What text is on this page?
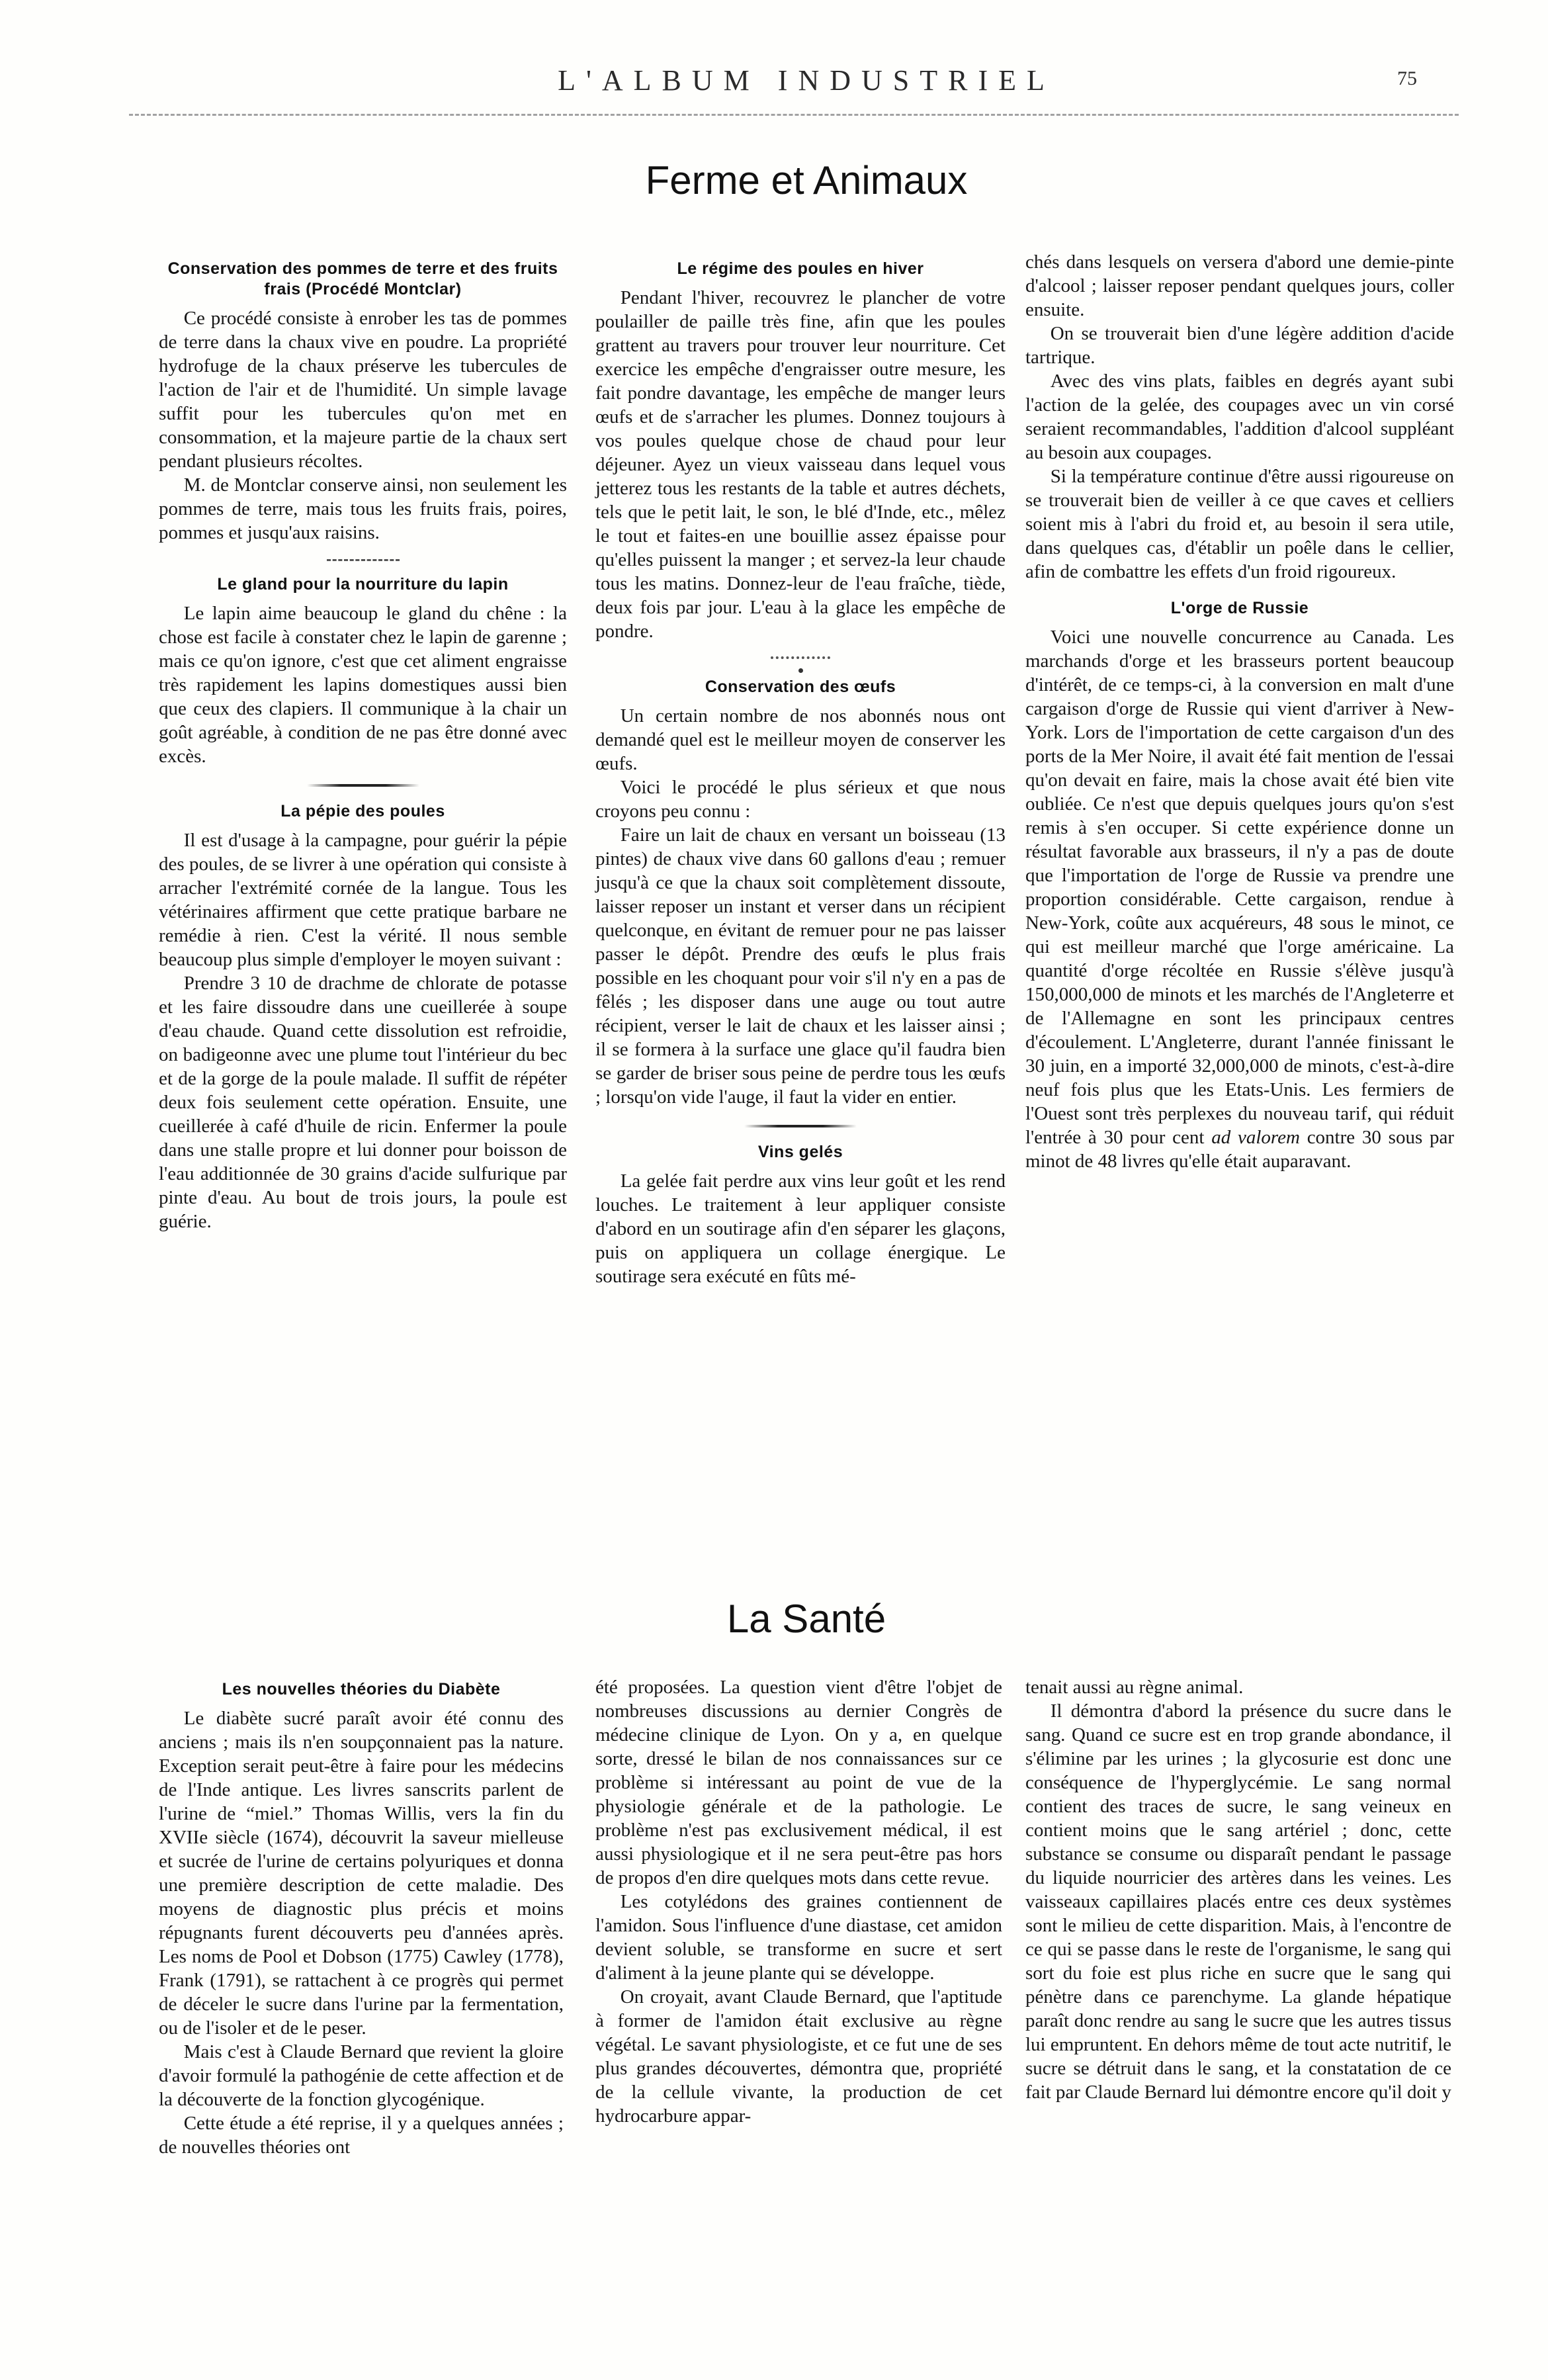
L'ALBUM INDUSTRIEL	75
Ferme et Animaux
Conservation des pommes de terre et des fruits frais (Procédé Montclar)

Ce procédé consiste à enrober les tas de pommes de terre dans la chaux vive en poudre. La propriété hydrofuge de la chaux préserve les tubercules de l'action de l'air et de l'humidité. Un simple lavage suffit pour les tubercules qu'on met en consommation, et la majeure partie de la chaux sert pendant plusieurs récoltes.

M. de Montclar conserve ainsi, non seulement les pommes de terre, mais tous les fruits frais, poires, pommes et jusqu'aux raisins.

Le gland pour la nourriture du lapin

Le lapin aime beaucoup le gland du chêne : la chose est facile à constater chez le lapin de garenne ; mais ce qu'on ignore, c'est que cet aliment engraisse très rapidement les lapins domestiques aussi bien que ceux des clapiers. Il communique à la chair un goût agréable, à condition de ne pas être donné avec excès.

La pépie des poules

Il est d'usage à la campagne, pour guérir la pépie des poules, de se livrer à une opération qui consiste à arracher l'extrémité cornée de la langue. Tous les vétérinaires affirment que cette pratique barbare ne remédie à rien. C'est la vérité. Il nous semble beaucoup plus simple d'employer le moyen suivant :

Prendre 3 10 de drachme de chlorate de potasse et les faire dissoudre dans une cueillerée à soupe d'eau chaude. Quand cette dissolution est refroidie, on badigeonne avec une plume tout l'intérieur du bec et de la gorge de la poule malade. Il suffit de répéter deux fois seulement cette opération. Ensuite, une cueillerée à café d'huile de ricin. Enfermer la poule dans une stalle propre et lui donner pour boisson de l'eau additionnée de 30 grains d'acide sulfurique par pinte d'eau. Au bout de trois jours, la poule est guérie.

Le régime des poules en hiver

Pendant l'hiver, recouvrez le plancher de votre poulailler de paille très fine, afin que les poules grattent au travers pour trouver leur nourriture. Cet exercice les empêche d'engraisser outre mesure, les fait pondre davantage, les empêche de manger leurs œufs et de s'arracher les plumes. Donnez toujours à vos poules quelque chose de chaud pour leur déjeuner. Ayez un vieux vaisseau dans lequel vous jetterez tous les restants de la table et autres déchets, tels que le petit lait, le son, le blé d'Inde, etc., mêlez le tout et faites-en une bouillie assez épaisse pour qu'elles puissent la manger ; et servez-la leur chaude tous les matins. Donnez-leur de l'eau fraîche, tiède, deux fois par jour. L'eau à la glace les empêche de pondre.

Conservation des œufs

Un certain nombre de nos abonnés nous ont demandé quel est le meilleur moyen de conserver les œufs.

Voici le procédé le plus sérieux et que nous croyons peu connu :

Faire un lait de chaux en versant un boisseau (13 pintes) de chaux vive dans 60 gallons d'eau ; remuer jusqu'à ce que la chaux soit complètement dissoute, laisser reposer un instant et verser dans un récipient quelconque, en évitant de remuer pour ne pas laisser passer le dépôt. Prendre des œufs le plus frais possible en les choquant pour voir s'il n'y en a pas de fêlés ; les disposer dans une auge ou tout autre récipient, verser le lait de chaux et les laisser ainsi ; il se formera à la surface une glace qu'il faudra bien se garder de briser sous peine de perdre tous les œufs ; lorsqu'on vide l'auge, il faut la vider en entier.

Vins gelés

La gelée fait perdre aux vins leur goût et les rend louches. Le traitement à leur appliquer consiste d'abord en un soutirage afin d'en séparer les glaçons, puis on appliquera un collage énergique. Le soutirage sera exécuté en fûts mé-

chés dans lesquels on versera d'abord une demie-pinte d'alcool ; laisser reposer pendant quelques jours, coller ensuite.

On se trouverait bien d'une légère addition d'acide tartrique.

Avec des vins plats, faibles en degrés ayant subi l'action de la gelée, des coupages avec un vin corsé seraient recommandables, l'addition d'alcool suppléant au besoin aux coupages.

Si la température continue d'être aussi rigoureuse on se trouverait bien de veiller à ce que caves et celliers soient mis à l'abri du froid et, au besoin il sera utile, dans quelques cas, d'établir un poêle dans le cellier, afin de combattre les effets d'un froid rigoureux.

L'orge de Russie

Voici une nouvelle concurrence au Canada. Les marchands d'orge et les brasseurs portent beaucoup d'intérêt, de ce temps-ci, à la conversion en malt d'une cargaison d'orge de Russie qui vient d'arriver à New-York. Lors de l'importation de cette cargaison d'un des ports de la Mer Noire, il avait été fait mention de l'essai qu'on devait en faire, mais la chose avait été bien vite oubliée. Ce n'est que depuis quelques jours qu'on s'est remis à s'en occuper. Si cette expérience donne un résultat favorable aux brasseurs, il n'y a pas de doute que l'importation de l'orge de Russie va prendre une proportion considérable. Cette cargaison, rendue à New-York, coûte aux acquéreurs, 48 sous le minot, ce qui est meilleur marché que l'orge américaine. La quantité d'orge récoltée en Russie s'élève jusqu'à 150,000,000 de minots et les marchés de l'Angleterre et de l'Allemagne en sont les principaux centres d'écoulement. L'Angleterre, durant l'année finissant le 30 juin, en a importé 32,000,000 de minots, c'est-à-dire neuf fois plus que les Etats-Unis. Les fermiers de l'Ouest sont très perplexes du nouveau tarif, qui réduit l'entrée à 30 pour cent ad valorem contre 30 sous par minot de 48 livres qu'elle était auparavant.

La Santé
Les nouvelles théories du Diabète

Le diabète sucré paraît avoir été connu des anciens ; mais ils n'en soupçonnaient pas la nature. Exception serait peut-être à faire pour les médecins de l'Inde antique. Les livres sanscrits parlent de l'urine de “miel.” Thomas Willis, vers la fin du XVIIe siècle (1674), découvrit la saveur mielleuse et sucrée de l'urine de certains polyuriques et donna une première description de cette maladie. Des moyens de diagnostic plus précis et moins répugnants furent découverts peu d'années après. Les noms de Pool et Dobson (1775) Cawley (1778), Frank (1791), se rattachent à ce progrès qui permet de déceler le sucre dans l'urine par la fermentation, ou de l'isoler et de le peser.

Mais c'est à Claude Bernard que revient la gloire d'avoir formulé la pathogénie de cette affection et de la découverte de la fonction glycogénique.

Cette étude a été reprise, il y a quelques années ; de nouvelles théories ont

été proposées. La question vient d'être l'objet de nombreuses discussions au dernier Congrès de médecine clinique de Lyon. On y a, en quelque sorte, dressé le bilan de nos connaissances sur ce problème si intéressant au point de vue de la physiologie générale et de la pathologie. Le problème n'est pas exclusivement médical, il est aussi physiologique et il ne sera peut-être pas hors de propos d'en dire quelques mots dans cette revue.

Les cotylédons des graines contiennent de l'amidon. Sous l'influence d'une diastase, cet amidon devient soluble, se transforme en sucre et sert d'aliment à la jeune plante qui se développe.

On croyait, avant Claude Bernard, que l'aptitude à former de l'amidon était exclusive au règne végétal. Le savant physiologiste, et ce fut une de ses plus grandes découvertes, démontra que, propriété de la cellule vivante, la production de cet hydrocarbure appar-

tenait aussi au règne animal.

Il démontra d'abord la présence du sucre dans le sang. Quand ce sucre est en trop grande abondance, il s'élimine par les urines ; la glycosurie est donc une conséquence de l'hyperglycémie. Le sang normal contient des traces de sucre, le sang veineux en contient moins que le sang artériel ; donc, cette substance se consume ou disparaît pendant le passage du liquide nourricier des artères dans les veines. Les vaisseaux capillaires placés entre ces deux systèmes sont le milieu de cette disparition. Mais, à l'encontre de ce qui se passe dans le reste de l'organisme, le sang qui sort du foie est plus riche en sucre que le sang qui pénètre dans ce parenchyme. La glande hépatique paraît donc rendre au sang le sucre que les autres tissus lui empruntent. En dehors même de tout acte nutritif, le sucre se détruit dans le sang, et la constatation de ce fait par Claude Bernard lui démontre encore qu'il doit y
